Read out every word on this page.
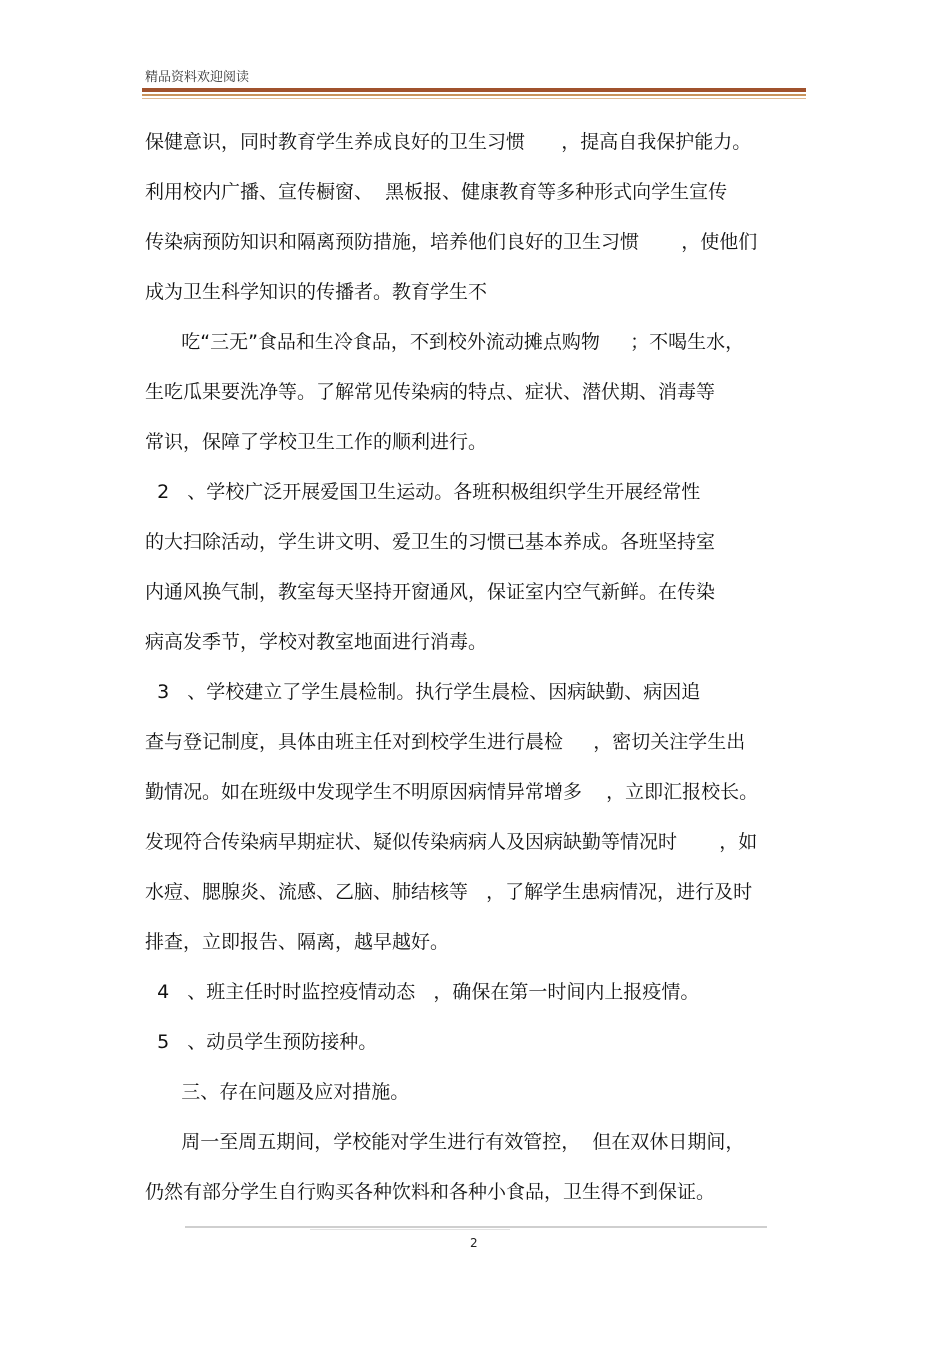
精品资料欢迎阅读
保健意识，同时教育学生养成良好的卫生习惯      ，提高自我保护能力。
利用校内广播、宣传橱窗、  黑板报、健康教育等多种形式向学生宣传
传染病预防知识和隔离预防措施，培养他们良好的卫生习惯       ，使他们
成为卫生科学知识的传播者。教育学生不
吃“三无”食品和生冷食品，不到校外流动摊点购物     ；不喝生水，
生吃瓜果要洗净等。了解常见传染病的特点、症状、潜伏期、消毒等
常识，保障了学校卫生工作的顺利进行。
2   、学校广泛开展爱国卫生运动。各班积极组织学生开展经常性
的大扫除活动，学生讲文明、爱卫生的习惯已基本养成。各班坚持室
内通风换气制，教室每天坚持开窗通风，保证室内空气新鲜。在传染
病高发季节，学校对教室地面进行消毒。
3   、学校建立了学生晨检制。执行学生晨检、因病缺勤、病因追
查与登记制度，具体由班主任对到校学生进行晨检     ，密切关注学生出
勤情况。如在班级中发现学生不明原因病情异常增多    ，立即汇报校长。
发现符合传染病早期症状、疑似传染病病人及因病缺勤等情况时       ，如
水痘、腮腺炎、流感、乙脑、肺结核等   ，了解学生患病情况，进行及时
排查，立即报告、隔离，越早越好。
4   、班主任时时监控疫情动态   ，确保在第一时间内上报疫情。
5   、动员学生预防接种。
三、存在问题及应对措施。
周一至周五期间，学校能对学生进行有效管控，  但在双休日期间，
仍然有部分学生自行购买各种饮料和各种小食品，卫生得不到保证。
2
